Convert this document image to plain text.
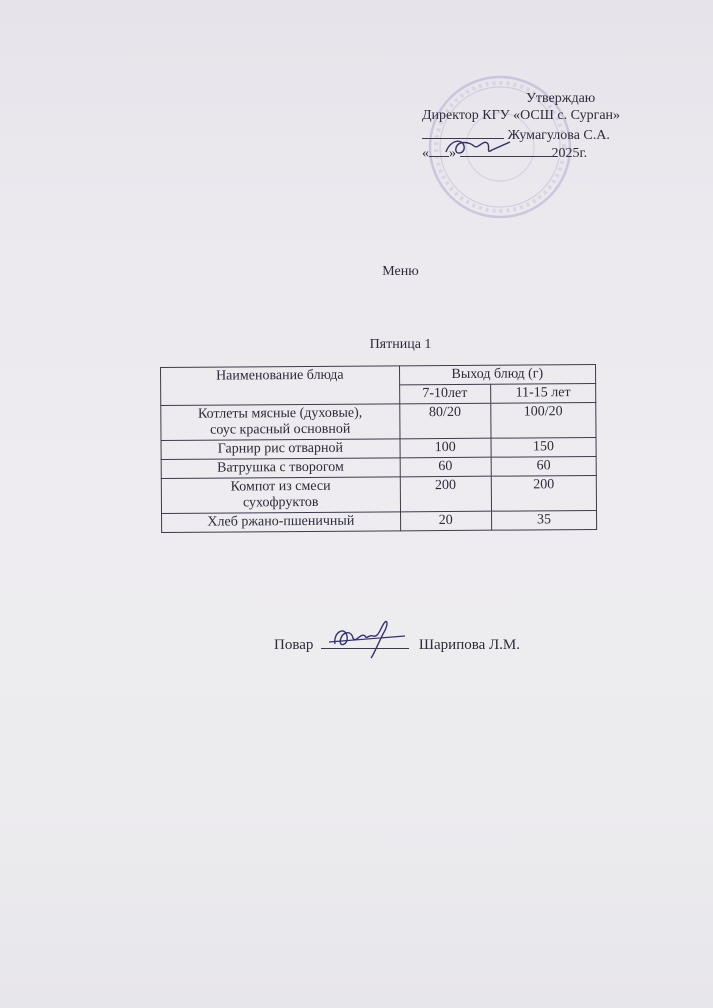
Утверждаю
Директор КГУ «ОСШ с. Сурган»
Жумагулова С.А.
« »	2025г.
Меню
Пятница 1
Наименование блюда	Выход блюд (г)	
	7-10лет	11-15 лет

Котлеты мясные (духовые),
соус красный основной	80/20	100/20
Гарнир рис отварной	100	150
Ватрушка с творогом	60	60

Компот из смеси
сухофруктов	200	200
Хлеб ржано-пшеничный	20	35
Повар	Шарипова Л.М.
